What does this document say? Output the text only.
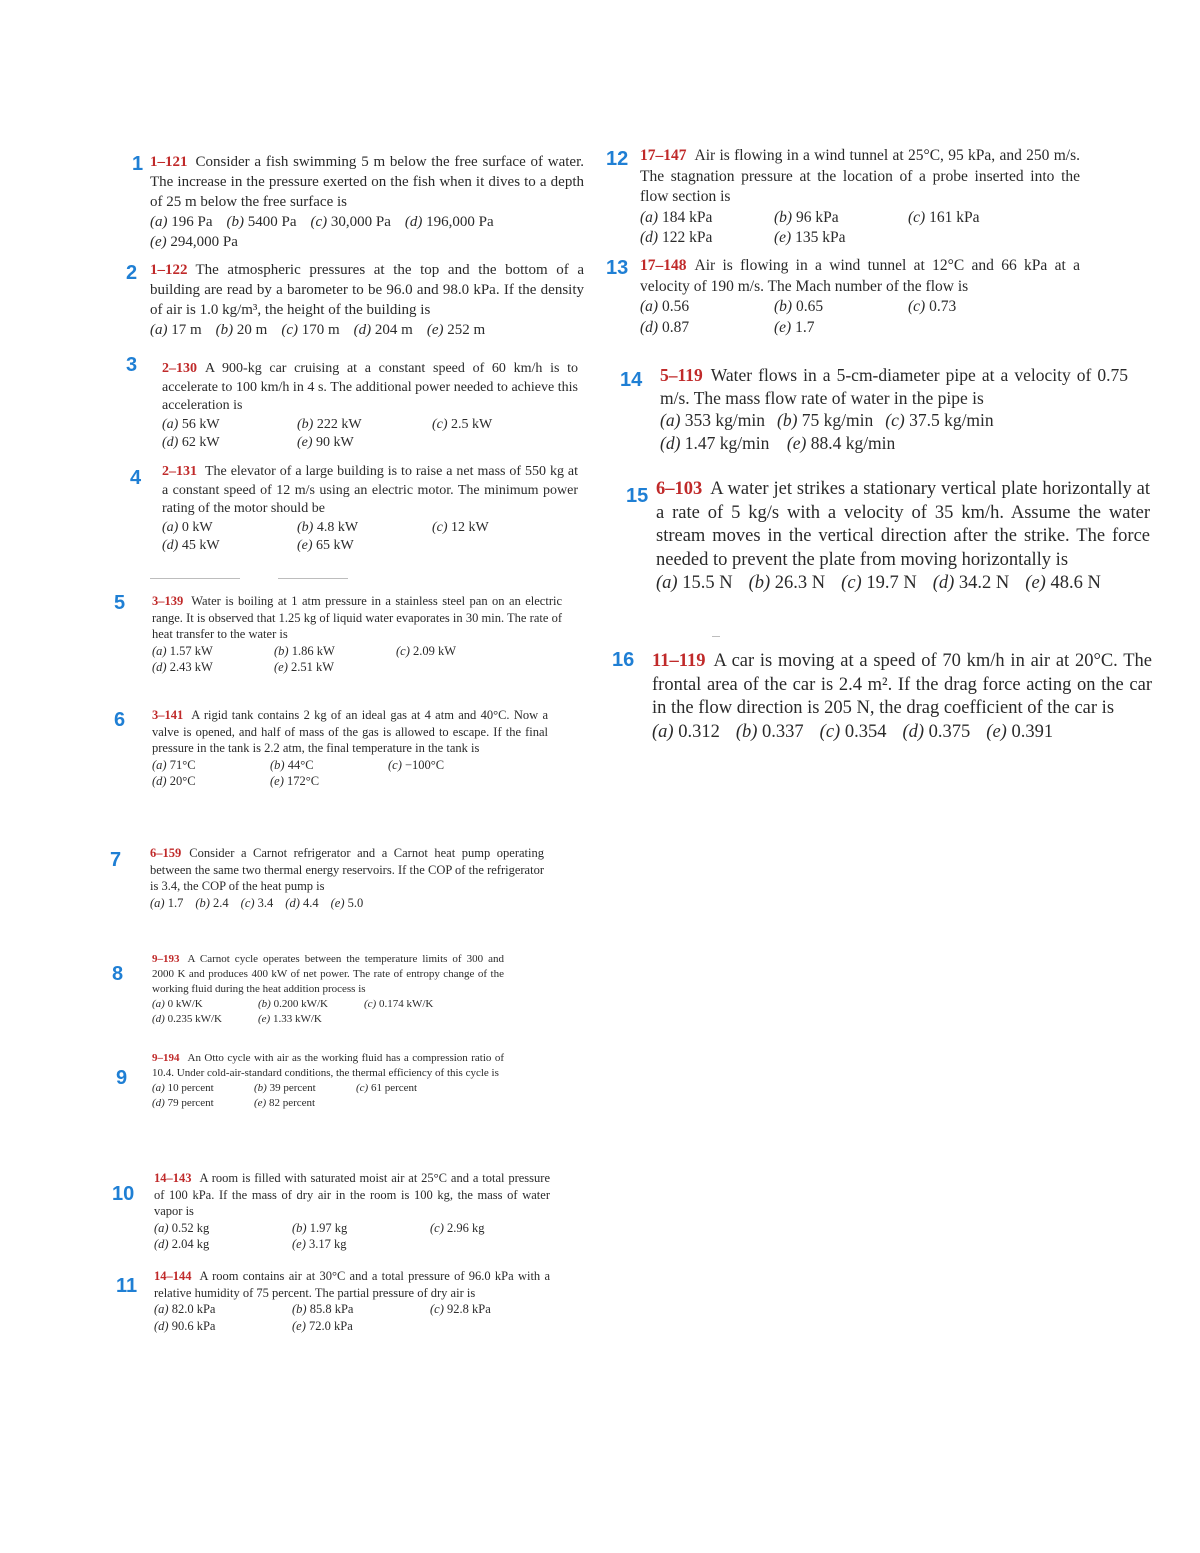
1 1–121 Consider a fish swimming 5 m below the free surface of water. The increase in the pressure exerted on the fish when it dives to a depth of 25 m below the free surface is
(a) 196 Pa (b) 5400 Pa (c) 30,000 Pa (d) 196,000 Pa
(e) 294,000 Pa
2 1–122 The atmospheric pressures at the top and the bottom of a building are read by a barometer to be 96.0 and 98.0 kPa. If the density of air is 1.0 kg/m³, the height of the building is
(a) 17 m (b) 20 m (c) 170 m (d) 204 m (e) 252 m
3 2–130 A 900-kg car cruising at a constant speed of 60 km/h is to accelerate to 100 km/h in 4 s. The additional power needed to achieve this acceleration is
(a) 56 kW	(b) 222 kW	(c) 2.5 kW
(d) 62 kW	(e) 90 kW
4 2–131 The elevator of a large building is to raise a net mass of 550 kg at a constant speed of 12 m/s using an electric motor. The minimum power rating of the motor should be
(a) 0 kW	(b) 4.8 kW	(c) 12 kW
(d) 45 kW	(e) 65 kW
5 3–139 Water is boiling at 1 atm pressure in a stainless steel pan on an electric range. It is observed that 1.25 kg of liquid water evaporates in 30 min. The rate of heat transfer to the water is
(a) 1.57 kW	(b) 1.86 kW	(c) 2.09 kW
(d) 2.43 kW	(e) 2.51 kW
6 3–141 A rigid tank contains 2 kg of an ideal gas at 4 atm and 40°C. Now a valve is opened, and half of mass of the gas is allowed to escape. If the final pressure in the tank is 2.2 atm, the final temperature in the tank is
(a) 71°C	(b) 44°C	(c) −100°C
(d) 20°C	(e) 172°C
7 6–159 Consider a Carnot refrigerator and a Carnot heat pump operating between the same two thermal energy reservoirs. If the COP of the refrigerator is 3.4, the COP of the heat pump is
(a) 1.7 (b) 2.4 (c) 3.4 (d) 4.4 (e) 5.0
8
9–193 A Carnot cycle operates between the temperature limits of 300 and 2000 K and produces 400 kW of net power. The rate of entropy change of the working fluid during the heat addition process is
(a) 0 kW/K	(b) 0.200 kW/K	(c) 0.174 kW/K
(d) 0.235 kW/K	(e) 1.33 kW/K
9
9–194 An Otto cycle with air as the working fluid has a compression ratio of 10.4. Under cold-air-standard conditions, the thermal efficiency of this cycle is
(a) 10 percent	(b) 39 percent	(c) 61 percent
(d) 79 percent	(e) 82 percent
10
14–143 A room is filled with saturated moist air at 25°C and a total pressure of 100 kPa. If the mass of dry air in the room is 100 kg, the mass of water vapor is
(a) 0.52 kg	(b) 1.97 kg	(c) 2.96 kg
(d) 2.04 kg	(e) 3.17 kg
11 14–144 A room contains air at 30°C and a total pressure of 96.0 kPa with a relative humidity of 75 percent. The partial pressure of dry air is
(a) 82.0 kPa	(b) 85.8 kPa	(c) 92.8 kPa
(d) 90.6 kPa	(e) 72.0 kPa
12 17–147 Air is flowing in a wind tunnel at 25°C, 95 kPa, and 250 m/s. The stagnation pressure at the location of a probe inserted into the flow section is
(a) 184 kPa	(b) 96 kPa	(c) 161 kPa
(d) 122 kPa	(e) 135 kPa
13 17–148 Air is flowing in a wind tunnel at 12°C and 66 kPa at a velocity of 190 m/s. The Mach number of the flow is
(a) 0.56	(b) 0.65	(c) 0.73
(d) 0.87	(e) 1.7
14 5–119 Water flows in a 5-cm-diameter pipe at a velocity of 0.75 m/s. The mass flow rate of water in the pipe is
(a) 353 kg/min (b) 75 kg/min (c) 37.5 kg/min
(d) 1.47 kg/min (e) 88.4 kg/min
15 6–103 A water jet strikes a stationary vertical plate horizontally at a rate of 5 kg/s with a velocity of 35 km/h. Assume the water stream moves in the vertical direction after the strike. The force needed to prevent the plate from moving horizontally is
(a) 15.5 N (b) 26.3 N (c) 19.7 N (d) 34.2 N (e) 48.6 N
16 11–119 A car is moving at a speed of 70 km/h in air at 20°C. The frontal area of the car is 2.4 m². If the drag force acting on the car in the flow direction is 205 N, the drag coefficient of the car is
(a) 0.312 (b) 0.337 (c) 0.354 (d) 0.375 (e) 0.391
